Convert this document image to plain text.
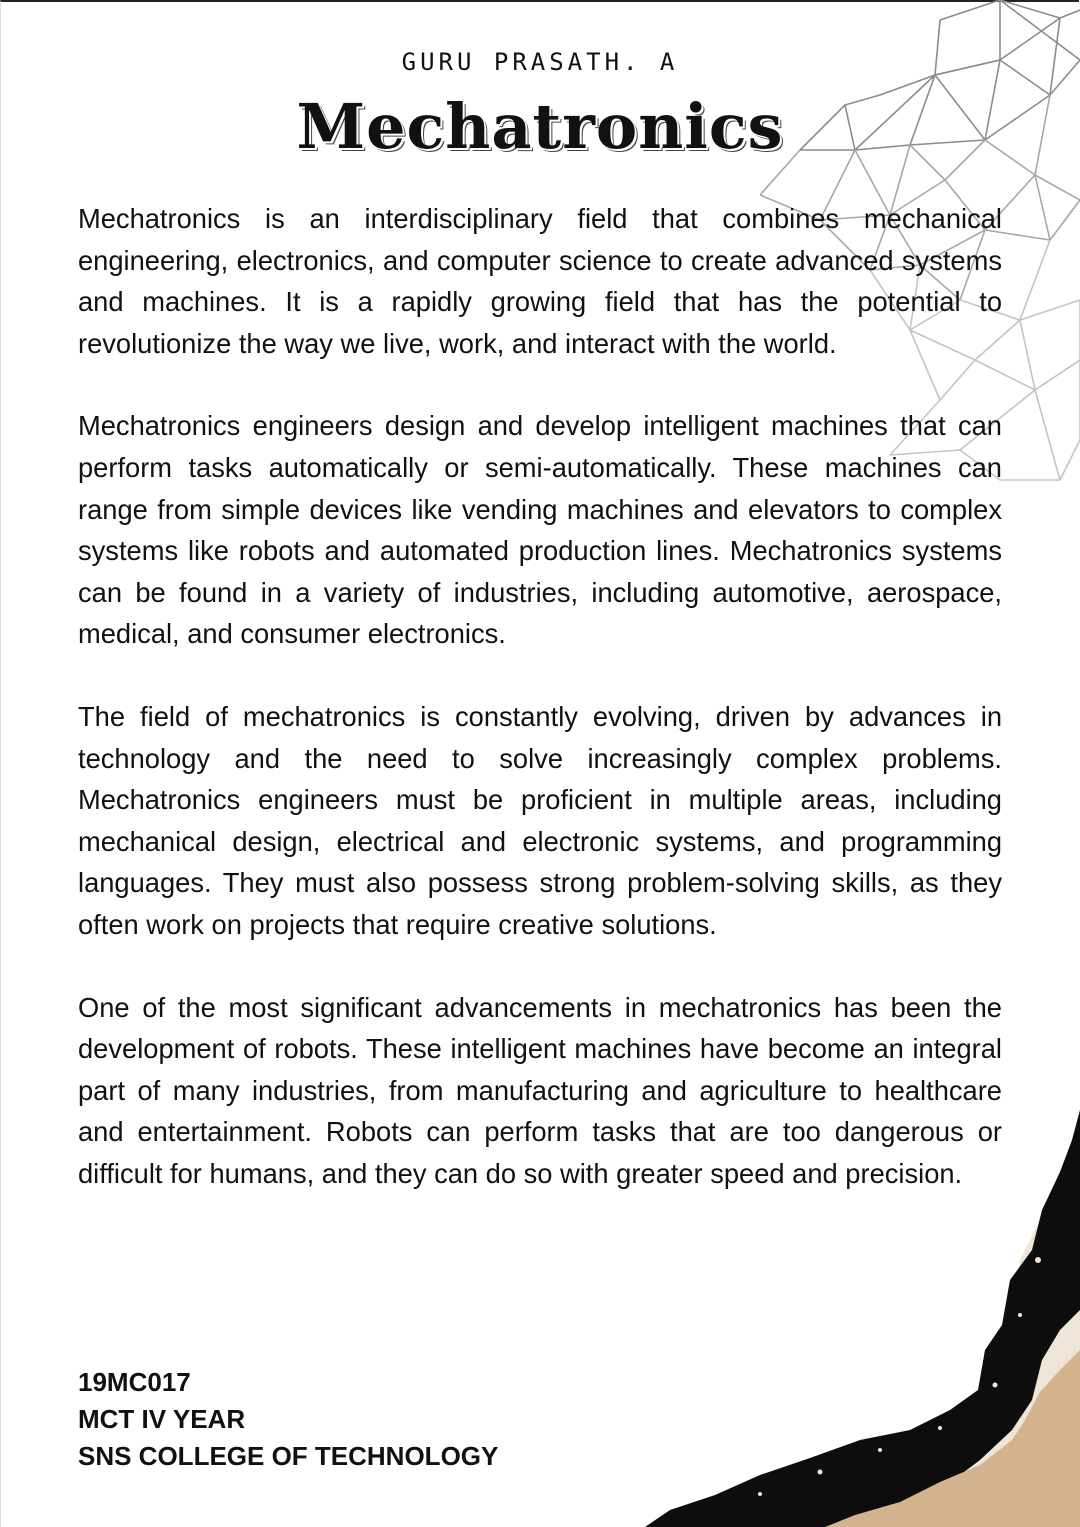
GURU PRASATH. A
Mechatronics

Mechatronics is an interdisciplinary field that combines mechanical engineering, electronics, and computer science to create advanced systems and machines. It is a rapidly growing field that has the potential to revolutionize the way we live, work, and interact with the world.

Mechatronics engineers design and develop intelligent machines that can perform tasks automatically or semi-automatically. These machines can range from simple devices like vending machines and elevators to complex systems like robots and automated production lines. Mechatronics systems can be found in a variety of industries, including automotive, aerospace, medical, and consumer electronics.

The field of mechatronics is constantly evolving, driven by advances in technology and the need to solve increasingly complex problems. Mechatronics engineers must be proficient in multiple areas, including mechanical design, electrical and electronic systems, and programming languages. They must also possess strong problem-solving skills, as they often work on projects that require creative solutions.

One of the most significant advancements in mechatronics has been the development of robots. These intelligent machines have become an integral part of many industries, from manufacturing and agriculture to healthcare and entertainment. Robots can perform tasks that are too dangerous or difficult for humans, and they can do so with greater speed and precision.

19MC017
MCT IV YEAR
SNS COLLEGE OF TECHNOLOGY
